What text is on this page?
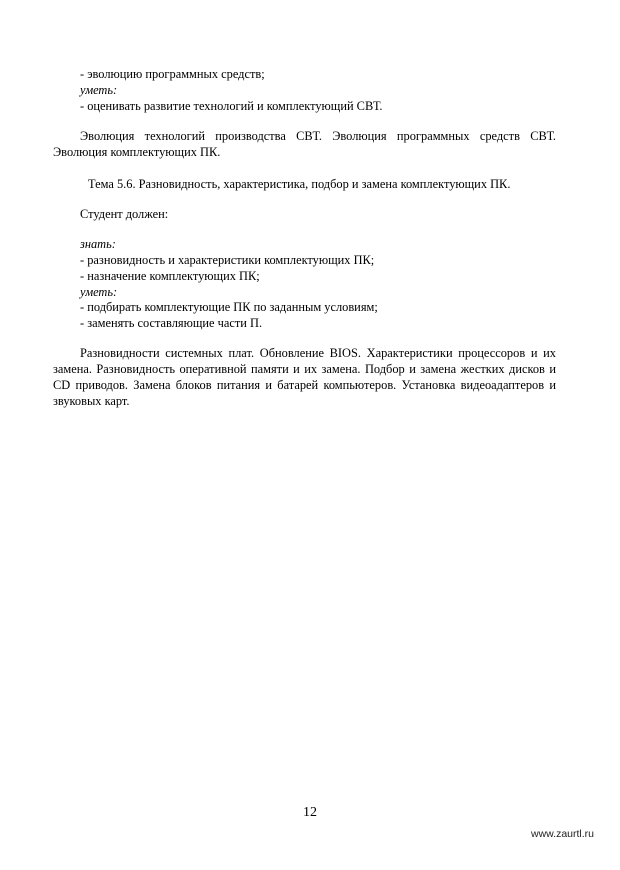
- эволюцию программных средств;
уметь:
- оценивать развитие технологий и комплектующий СВТ.
Эволюция технологий производства СВТ. Эволюция программных средств СВТ. Эволюция комплектующих ПК.
Тема 5.6. Разновидность, характеристика, подбор и замена комплектующих ПК.
Студент должен:
знать:
- разновидность и характеристики комплектующих ПК;
- назначение комплектующих ПК;
уметь:
- подбирать комплектующие ПК по заданным условиям;
- заменять составляющие части П.
Разновидности системных плат. Обновление BIOS. Характеристики процессоров и их замена. Разновидность оперативной памяти и их замена. Подбор и замена жестких дисков и CD приводов. Замена блоков питания и батарей компьютеров. Установка видеоадаптеров и звуковых карт.
12
www.zaurtl.ru
